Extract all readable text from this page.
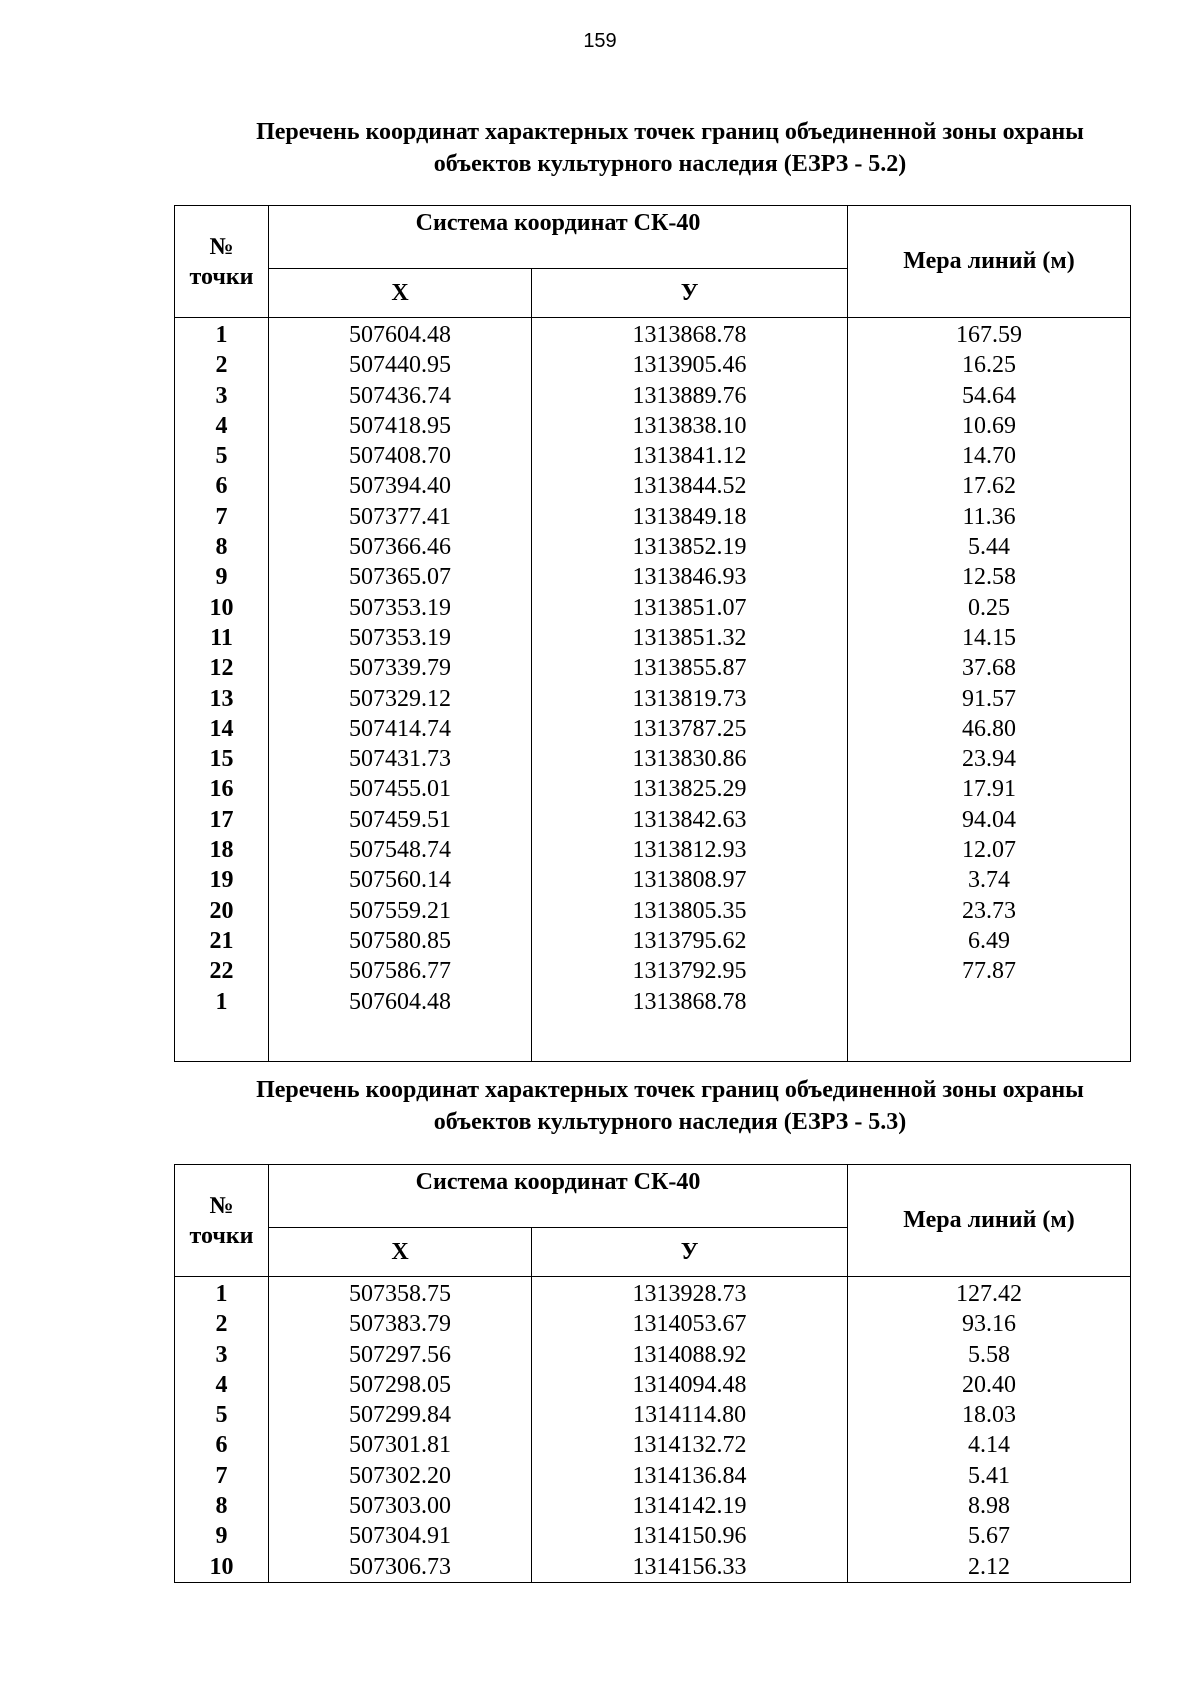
159
Перечень координат характерных точек границ объединенной зоны охраны
объектов культурного наследия (ЕЗРЗ - 5.2)
№ точки	Система координат СК-40		Мера линий (м)
	Х	У	
1	507604.48	1313868.78	167.59
2	507440.95	1313905.46	16.25
3	507436.74	1313889.76	54.64
4	507418.95	1313838.10	10.69
5	507408.70	1313841.12	14.70
6	507394.40	1313844.52	17.62
7	507377.41	1313849.18	11.36
8	507366.46	1313852.19	5.44
9	507365.07	1313846.93	12.58
10	507353.19	1313851.07	0.25
11	507353.19	1313851.32	14.15
12	507339.79	1313855.87	37.68
13	507329.12	1313819.73	91.57
14	507414.74	1313787.25	46.80
15	507431.73	1313830.86	23.94
16	507455.01	1313825.29	17.91
17	507459.51	1313842.63	94.04
18	507548.74	1313812.93	12.07
19	507560.14	1313808.97	3.74
20	507559.21	1313805.35	23.73
21	507580.85	1313795.62	6.49
22	507586.77	1313792.95	77.87
1	507604.48	1313868.78	

Перечень координат характерных точек границ объединенной зоны охраны
объектов культурного наследия (ЕЗРЗ - 5.3)
№ точки	Система координат СК-40		Мера линий (м)
	Х	У	
1	507358.75	1313928.73	127.42
2	507383.79	1314053.67	93.16
3	507297.56	1314088.92	5.58
4	507298.05	1314094.48	20.40
5	507299.84	1314114.80	18.03
6	507301.81	1314132.72	4.14
7	507302.20	1314136.84	5.41
8	507303.00	1314142.19	8.98
9	507304.91	1314150.96	5.67
10	507306.73	1314156.33	2.12
